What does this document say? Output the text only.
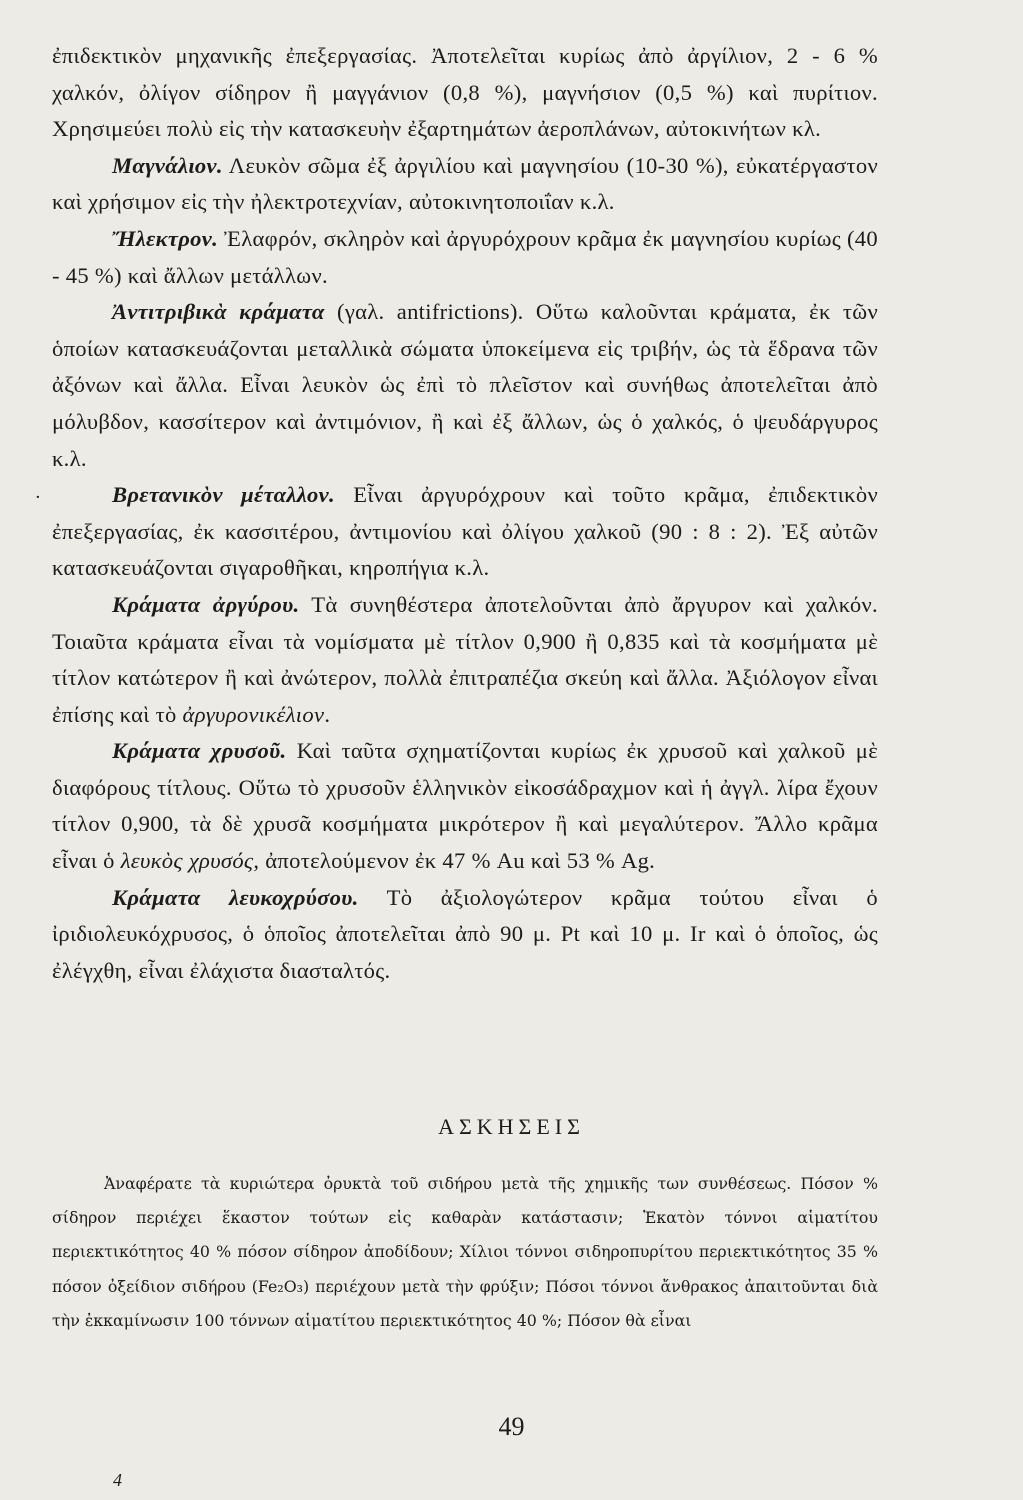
·

ἐπιδεκτικὸν μηχανικῆς ἐπεξεργασίας. Ἀποτελεῖται κυρίως ἀπὸ ἀργίλιον, 2 - 6 % χαλκόν, ὀλίγον σίδηρον ἢ μαγγάνιον (0,8 %), μαγνήσιον (0,5 %) καὶ πυρίτιον. Χρησιμεύει πολὺ εἰς τὴν κατασκευὴν ἐξαρτημάτων ἀεροπλάνων, αὐτοκινήτων κλ.

Μαγνάλιον. Λευκὸν σῶμα ἐξ ἀργιλίου καὶ μαγνησίου (10-30 %), εὐκατέργαστον καὶ χρήσιμον εἰς τὴν ἠλεκτροτεχνίαν, αὐτοκινητοποιΐαν κ.λ.

Ἤλεκτρον. Ἐλαφρόν, σκληρὸν καὶ ἀργυρόχρουν κρᾶμα ἐκ μαγνησίου κυρίως (40 - 45 %) καὶ ἄλλων μετάλλων.

Ἀντιτριβικὰ κράματα (γαλ. antifrictions). Οὕτω καλοῦνται κράματα, ἐκ τῶν ὁποίων κατασκευάζονται μεταλλικὰ σώματα ὑποκείμενα εἰς τριβήν, ὡς τὰ ἕδρανα τῶν ἀξόνων καὶ ἄλλα. Εἶναι λευκὸν ὡς ἐπὶ τὸ πλεῖστον καὶ συνήθως ἀποτελεῖται ἀπὸ μόλυβδον, κασσίτερον καὶ ἀντιμόνιον, ἢ καὶ ἐξ ἄλλων, ὡς ὁ χαλκός, ὁ ψευδάργυρος κ.λ.

Βρετανικὸν μέταλλον. Εἶναι ἀργυρόχρουν καὶ τοῦτο κρᾶμα, ἐπιδεκτικὸν ἐπεξεργασίας, ἐκ κασσιτέρου, ἀντιμονίου καὶ ὀλίγου χαλκοῦ (90 : 8 : 2). Ἐξ αὐτῶν κατασκευάζονται σιγαροθῆκαι, κηροπήγια κ.λ.

Κράματα ἀργύρου. Τὰ συνηθέστερα ἀποτελοῦνται ἀπὸ ἄργυρον καὶ χαλκόν. Τοιαῦτα κράματα εἶναι τὰ νομίσματα μὲ τίτλον 0,900 ἢ 0,835 καὶ τὰ κοσμήματα μὲ τίτλον κατώτερον ἢ καὶ ἀνώτερον, πολλὰ ἐπιτραπέζια σκεύη καὶ ἄλλα. Ἀξιόλογον εἶναι ἐπίσης καὶ τὸ ἀργυρονικέλιον.

Κράματα χρυσοῦ. Καὶ ταῦτα σχηματίζονται κυρίως ἐκ χρυσοῦ καὶ χαλκοῦ μὲ διαφόρους τίτλους. Οὕτω τὸ χρυσοῦν ἑλληνικὸν εἰκοσάδραχμον καὶ ἡ ἀγγλ. λίρα ἔχουν τίτλον 0,900, τὰ δὲ χρυσᾶ κοσμήματα μικρότερον ἢ καὶ μεγαλύτερον. Ἄλλο κρᾶμα εἶναι ὁ λευκὸς χρυσός, ἀποτελούμενον ἐκ 47 % Au καὶ 53 % Ag.

Κράματα λευκοχρύσου. Τὸ ἀξιολογώτερον κρᾶμα τούτου εἶναι ὁ ἰριδιολευκόχρυσος, ὁ ὁποῖος ἀποτελεῖται ἀπὸ 90 μ. Pt καὶ 10 μ. Ir καὶ ὁ ὁποῖος, ὡς ἐλέγχθη, εἶναι ἐλάχιστα διασταλτός.

ΑΣΚΗΣΕΙΣ

Ἀναφέρατε τὰ κυριώτερα ὀρυκτὰ τοῦ σιδήρου μετὰ τῆς χημικῆς των συνθέσεως. Πόσον % σίδηρον περιέχει ἕκαστον τούτων εἰς καθαρὰν κατάστασιν; Ἑκατὸν τόννοι αἱματίτου περιεκτικότητος 40 % πόσον σίδηρον ἀποδίδουν; Χίλιοι τόννοι σιδηροπυρίτου περιεκτικότητος 35 % πόσον ὀξείδιον σιδήρου (Fe₂O₃) περιέχουν μετὰ τὴν φρύξιν; Πόσοι τόννοι ἄνθρακος ἀπαιτοῦνται διὰ τὴν ἐκκαμίνωσιν 100 τόννων αἱματίτου περιεκτικότητος 40 %; Πόσον θὰ εἶναι

49
4
